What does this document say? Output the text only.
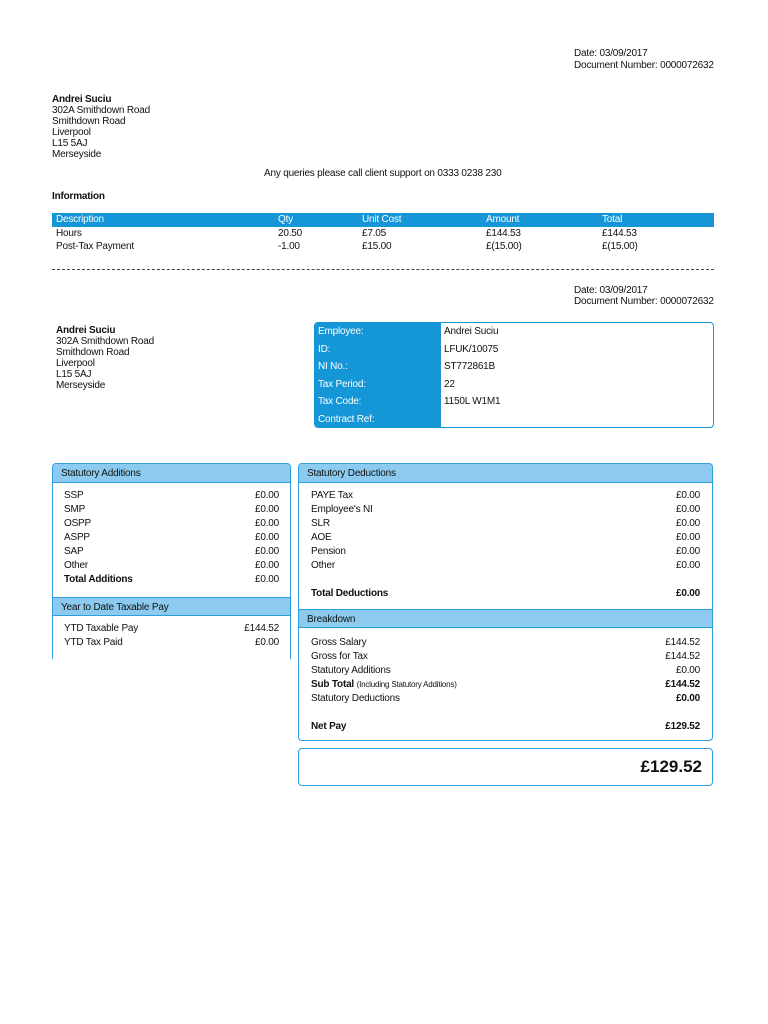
Date: 03/09/2017
Document Number: 0000072632
Andrei Suciu
302A Smithdown Road
Smithdown Road
Liverpool
L15 5AJ
Merseyside
Any queries please call client support on 0333 0238 230
Information
Description	Qty	Unit Cost	Amount	Total
Hours	20.50	£7.05	£144.53	£144.53
Post-Tax Payment	-1.00	£15.00	£(15.00)	£(15.00)
Date: 03/09/2017
Document Number: 0000072632
Andrei Suciu
302A Smithdown Road
Smithdown Road
Liverpool
L15 5AJ
Merseyside
Employee:	Andrei Suciu
ID:	LFUK/10075
NI No.:	ST772861B
Tax Period:	22
Tax Code:	1150L W1M1
Contract Ref:
Statutory Additions
SSP	£0.00
SMP	£0.00
OSPP	£0.00
ASPP	£0.00
SAP	£0.00
Other	£0.00
Total Additions	£0.00
Year to Date Taxable Pay
YTD Taxable Pay	£144.52
YTD Tax Paid	£0.00
Statutory Deductions
PAYE Tax	£0.00
Employee's NI	£0.00
SLR	£0.00
AOE	£0.00
Pension	£0.00
Other	£0.00
Total Deductions	£0.00
Breakdown
Gross Salary	£144.52
Gross for Tax	£144.52
Statutory Additions	£0.00
Sub Total (Including Statutory Additions)	£144.52
Statutory Deductions	£0.00
Net Pay	£129.52
£129.52
